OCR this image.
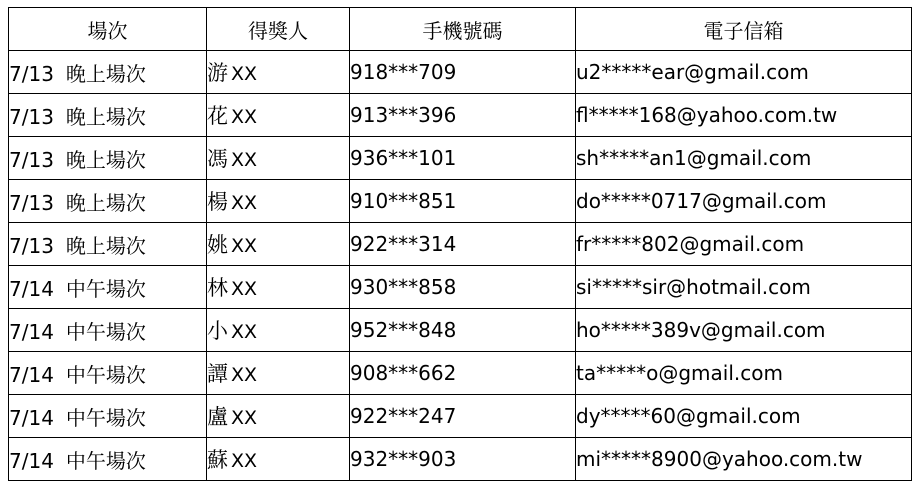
場次	得獎人	手機號碼	電子信箱
7/13 晚上場次	游 XX	918***709	u2*****ear@gmail.com
7/13 晚上場次	花 XX	913***396	fl*****168@yahoo.com.tw
7/13 晚上場次	馮 XX	936***101	sh*****an1@gmail.com
7/13 晚上場次	楊 XX	910***851	do*****0717@gmail.com
7/13 晚上場次	姚 XX	922***314	fr*****802@gmail.com
7/14 中午場次	林 XX	930***858	si*****sir@hotmail.com
7/14 中午場次	小 XX	952***848	ho*****389v@gmail.com
7/14 中午場次	譚 XX	908***662	ta*****o@gmail.com
7/14 中午場次	盧 XX	922***247	dy*****60@gmail.com
7/14 中午場次	蘇 XX	932***903	mi*****8900@yahoo.com.tw
